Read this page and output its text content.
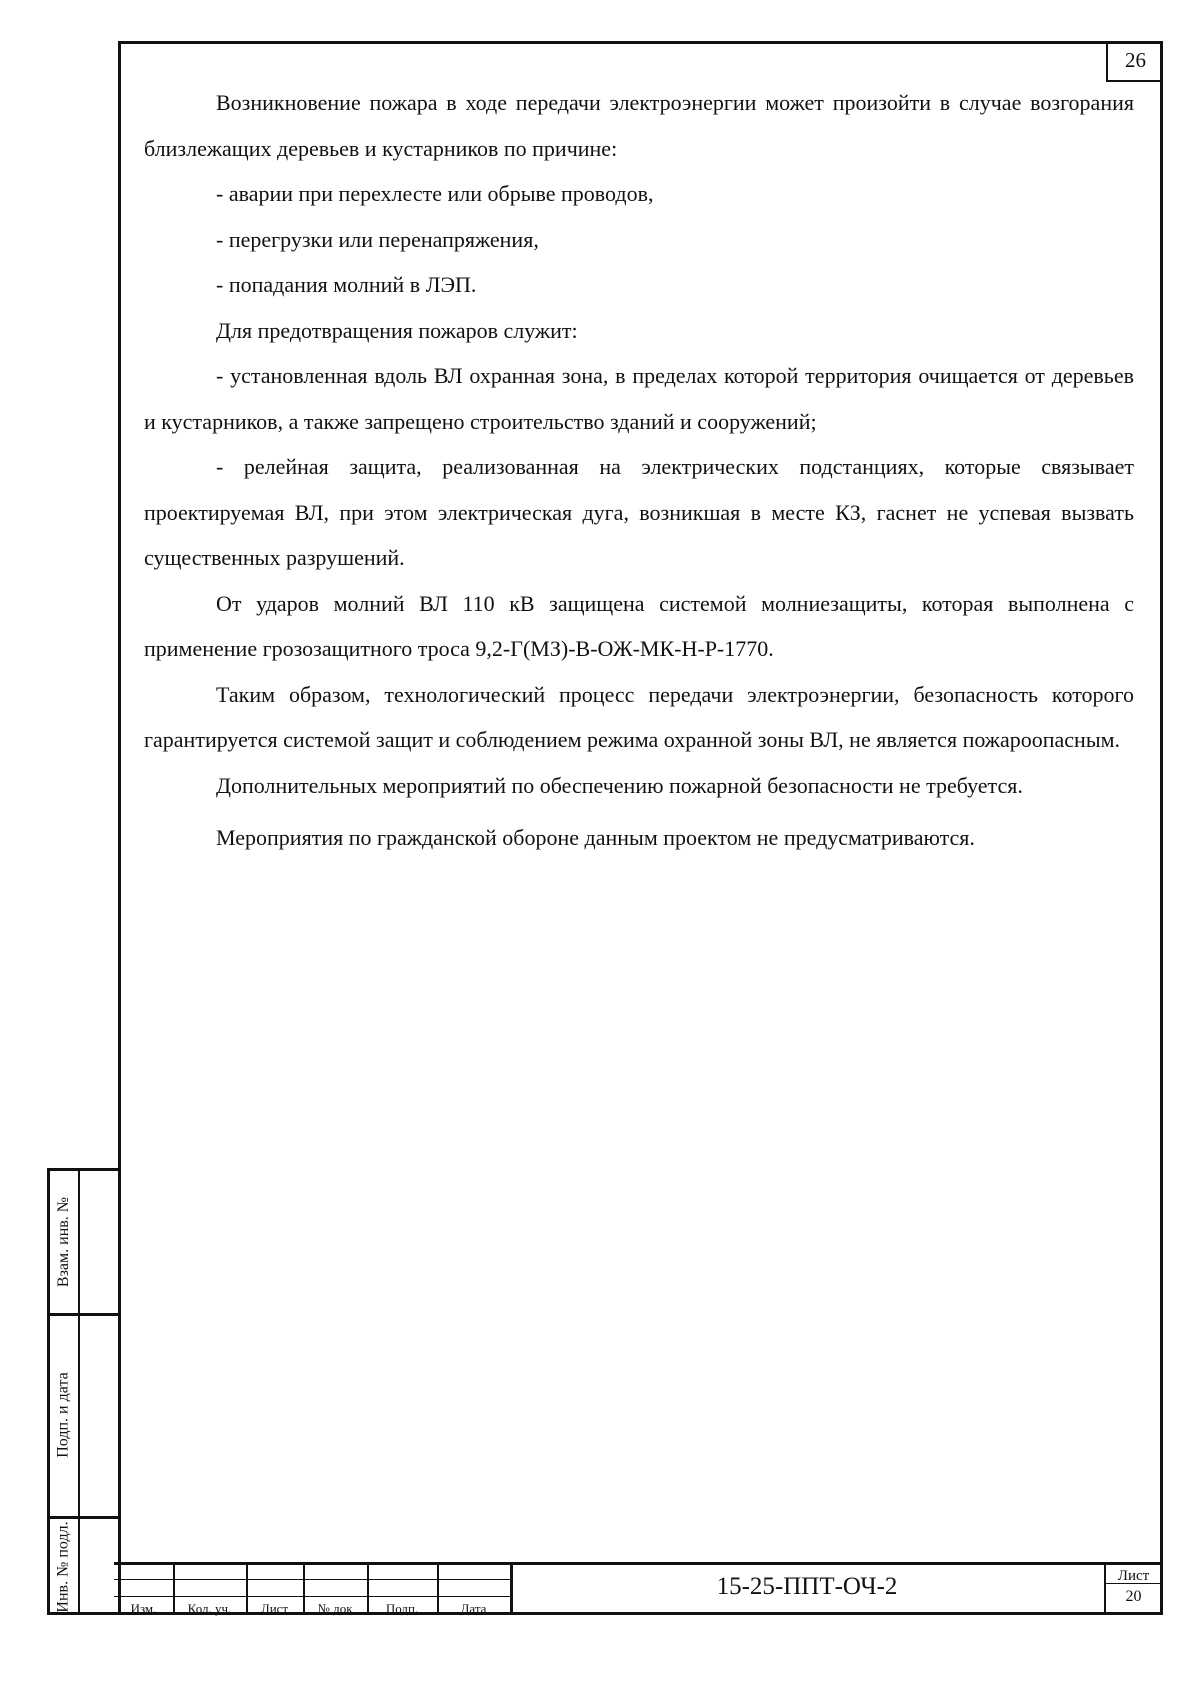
26

Возникновение пожара в ходе передачи электроэнергии может произойти в случае возгорания близлежащих деревьев и кустарников по причине:

- аварии при перехлесте или обрыве проводов,

- перегрузки или перенапряжения,

- попадания молний в ЛЭП.

Для предотвращения пожаров служит:

- установленная вдоль ВЛ охранная зона, в пределах которой территория очищается от деревьев и кустарников, а также запрещено строительство зданий и сооружений;

- релейная защита, реализованная на электрических подстанциях, которые связывает проектируемая ВЛ, при этом электрическая дуга, возникшая в месте КЗ, гаснет не успевая вызвать существенных разрушений.

От ударов молний ВЛ 110 кВ защищена системой молниезащиты, которая выполнена с применение грозозащитного троса 9,2-Г(МЗ)-В-ОЖ-МК-Н-Р-1770.

Таким образом, технологический процесс передачи электроэнергии, безопасность которого гарантируется системой защит и соблюдением режима охранной зоны ВЛ, не является пожароопасным.

Дополнительных мероприятий по обеспечению пожарной безопасности не требуется.

Мероприятия по гражданской обороне данным проектом не предусматриваются.

Взам. инв. №
Подп. и дата
Инв. № подл.	Изм.	Кол. уч.	Лист	№ док	Подп.	Дата
15-25-ППТ-ОЧ-2	Лист
20
